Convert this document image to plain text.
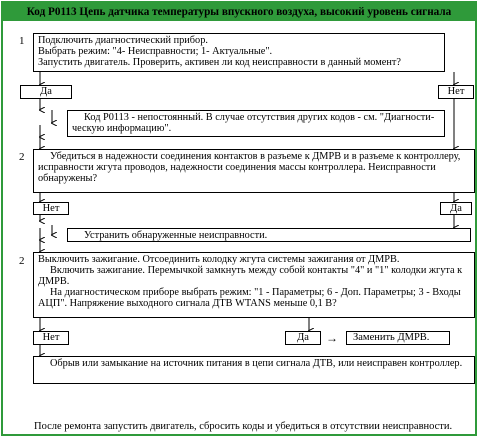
Код Р0113 Цепь датчика температуры впускного воздуха, высокий уровень сигнала
1 Подключить диагностический прибор.

Выбрать режим: "4- Неисправности; 1- Актуальные".

Запустить двигатель. Проверить, активен ли код неисправности в данный момент?

Да	Нет
Код Р0113 - непостоянный. В случае отсутствия других кодов - см. "Диагности-ческую информацию".
2	Убедиться в надежности соединения контактов в разъеме к ДМРВ и в разъеме к контроллеру, исправности жгута проводов, надежности соединения массы контроллера. Неисправности обнаружены?
Нет	Да
Устранить обнаруженные неисправности.
2 Выключить зажигание. Отсоединить колодку жгута системы зажигания от ДМРВ.

Включить зажигание. Перемычкой замкнуть между собой контакты "4" и "1" колодки жгута к ДМРВ.

На диагностическом приборе выбрать режим: "1 - Параметры; 6 - Доп. Параметры; 3 - Входы АЦП". Напряжение выходного сигнала ДТВ WTANS меньше 0,1 В?

Нет	Да	→	Заменить ДМРВ.
Обрыв или замыкание на источник питания в цепи сигнала ДТВ, или неисправен контроллер.
После ремонта запустить двигатель, сбросить коды и убедиться в отсутствии неисправности.
